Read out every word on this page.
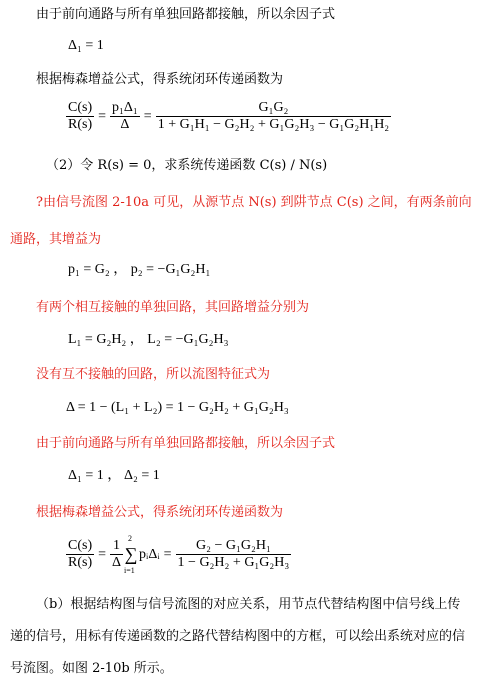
由于前向通路与所有单独回路都接触，所以余因子式
Δ₁ = 1
根据梅森增益公式，得系统闭环传递函数为
$\frac{C(s)}{R(s)} = \frac{\text{p₁Δ₁}}{\Delta} = \frac{\text{G₁G₂}}{\text{1 + G₁H₁ − G₂H₂ + G₁G₂H₃ − G₁G₂H₁H₂}}$
（2）令 R(s) = 0，求系统传递函数 C(s) / N(s)
?由信号流图 2-10a 可见，从源节点 N(s) 到阱节点 C(s) 之间，有两条前向
通路，其增益为
p₁ = G₂ ， p₂ = −G₁G₂H₁
有两个相互接触的单独回路，其回路增益分别为
L₁ = G₂H₂ ， L₂ = −G₁G₂H₃
没有互不接触的回路，所以流图特征式为
Δ = 1 − (L₁ + L₂) = 1 − G₂H₂ + G₁G₂H₃
由于前向通路与所有单独回路都接触，所以余因子式
Δ₁ = 1 ， Δ₂ = 1
根据梅森增益公式，得系统闭环传递函数为
$\frac{C(s)}{R(s)} = \frac{1}{\Delta} 2$
∑
i=1
pᵢΔᵢ = $\frac{\text{G₂ − G₁G₂H₁}}{\text{1 − G₂H₂ + G₁G₂H₃}}$
（b）根据结构图与信号流图的对应关系，用节点代替结构图中信号线上传
递的信号，用标有传递函数的之路代替结构图中的方框，可以绘出系统对应的信
号流图。如图 2-10b 所示。
